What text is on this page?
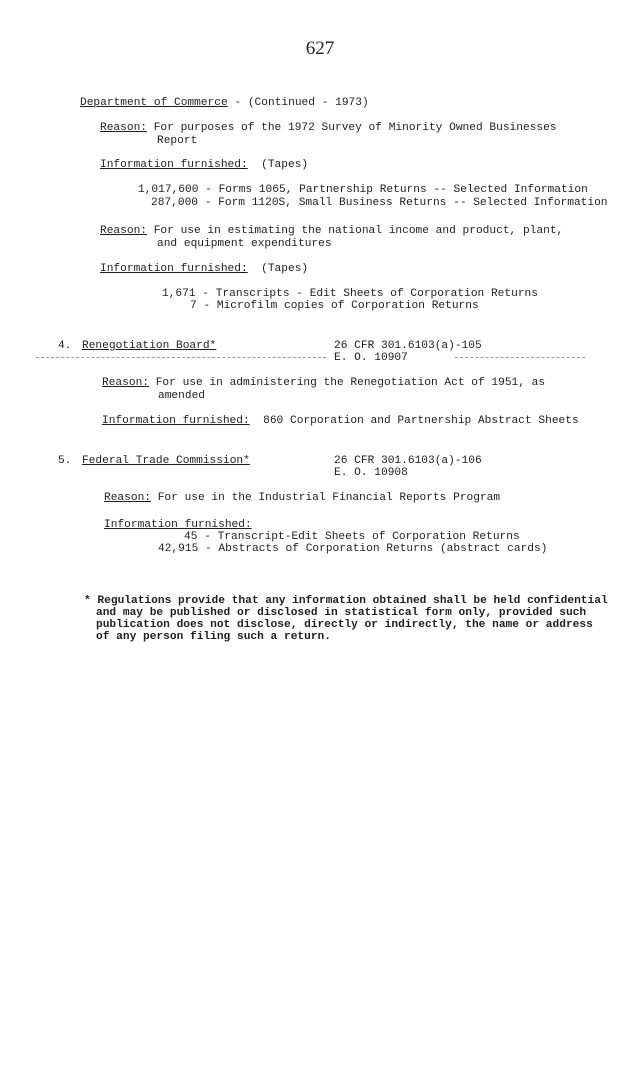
627
Department of Commerce - (Continued - 1973)
Reason: For purposes of the 1972 Survey of Minority Owned Businesses
Report
Information furnished:  (Tapes)
1,017,600 - Forms 1065, Partnership Returns -- Selected Information
287,000 - Form 1120S, Small Business Returns -- Selected Information
Reason: For use in estimating the national income and product, plant,
and equipment expenditures
Information furnished:  (Tapes)
1,671 - Transcripts - Edit Sheets of Corporation Returns
7 - Microfilm copies of Corporation Returns
4. Renegotiation Board*	26 CFR 301.6103(a)-105
E. O. 10907
Reason: For use in administering the Renegotiation Act of 1951, as
amended
Information furnished:  860 Corporation and Partnership Abstract Sheets
5. Federal Trade Commission*	26 CFR 301.6103(a)-106
E. O. 10908
Reason: For use in the Industrial Financial Reports Program
Information furnished:
45 - Transcript-Edit Sheets of Corporation Returns
42,915 - Abstracts of Corporation Returns (abstract cards)
* Regulations provide that any information obtained shall be held confidential
and may be published or disclosed in statistical form only, provided such
publication does not disclose, directly or indirectly, the name or address
of any person filing such a return.
